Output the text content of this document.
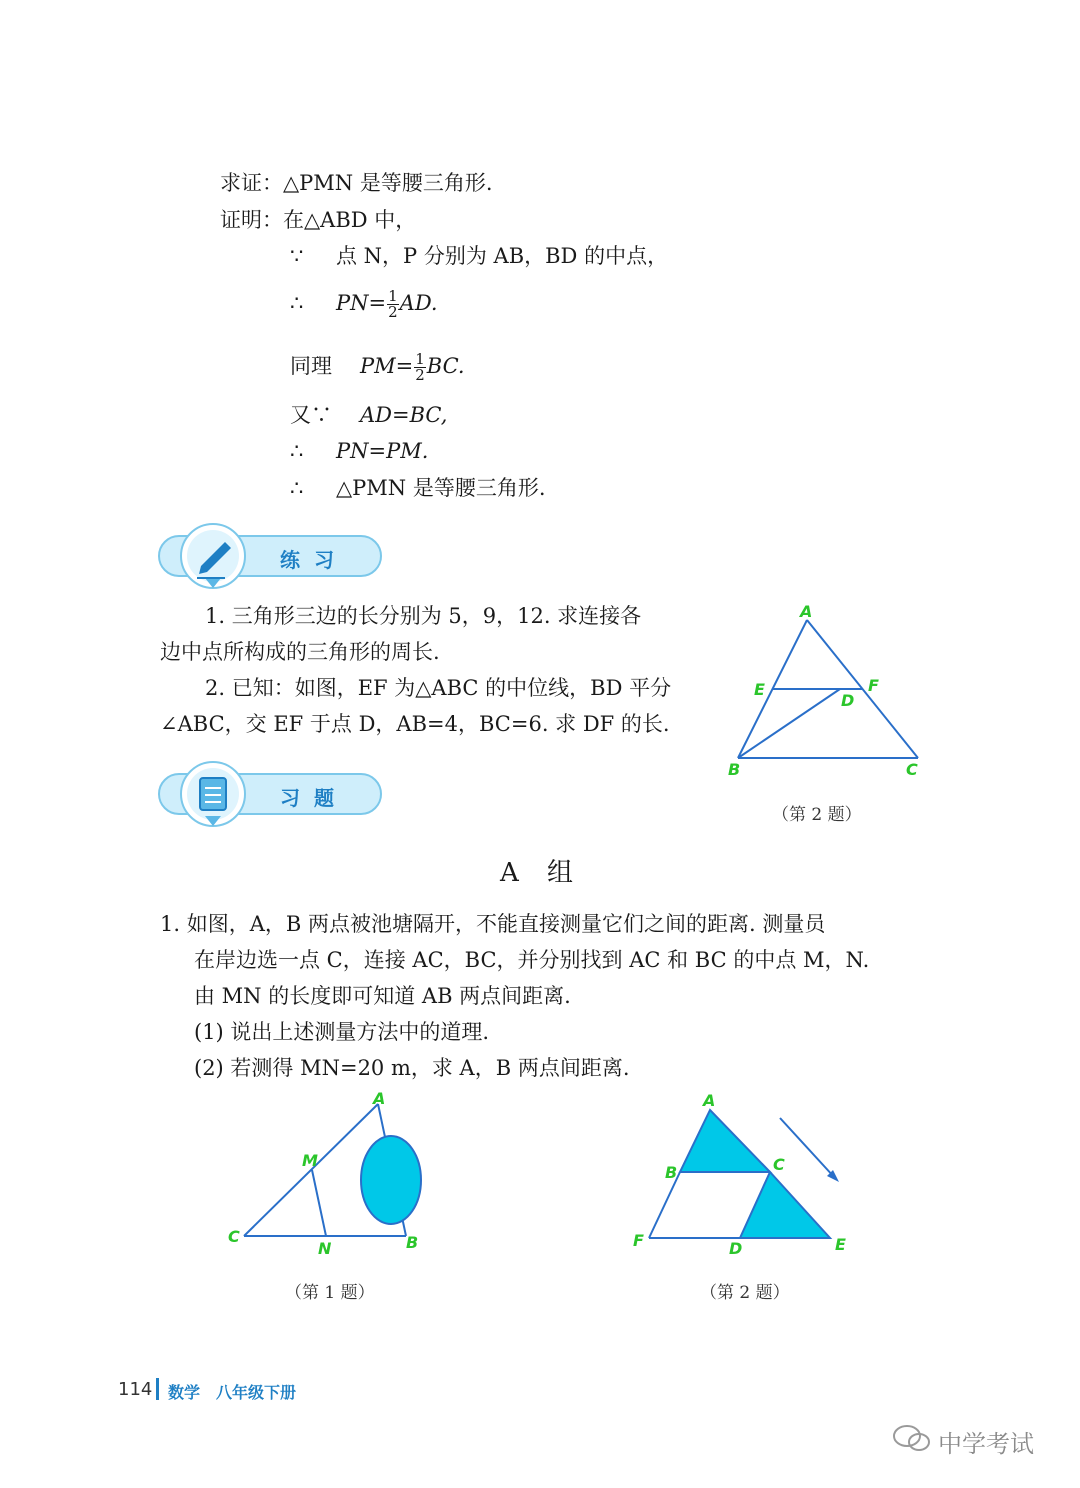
求证：△PMN 是等腰三角形.
证明：在△ABD 中，
∵ 点 N，P 分别为 AB，BD 的中点，
∴ $PN= \frac{1}{2}$ AD.
同理 $PM= \frac{1}{2}$ BC.
又∵ AD=BC,
∴ PN=PM.
∴ △PMN 是等腰三角形.
练习
1. 三角形三边的长分别为 5，9，12. 求连接各
边中点所构成的三角形的周长.
2. 已知：如图，EF 为△ABC 的中位线，BD 平分
∠ABC，交 EF 于点 D，AB=4，BC=6. 求 DF 的长.
A
E	F
D
B	C
（第 2 题）
习题
A 组
1. 如图，A，B 两点被池塘隔开，不能直接测量它们之间的距离. 测量员
在岸边选一点 C，连接 AC，BC，并分别找到 AC 和 BC 的中点 M，N.
由 MN 的长度即可知道 AB 两点间距离.
(1) 说出上述测量方法中的道理.
(2) 若测得 MN=20 m，求 A，B 两点间距离.
A
M
C
N	B
（第 1 题）
A
B	C
F	D	E
（第 2 题）
114 数学　八年级下册
中学考试
